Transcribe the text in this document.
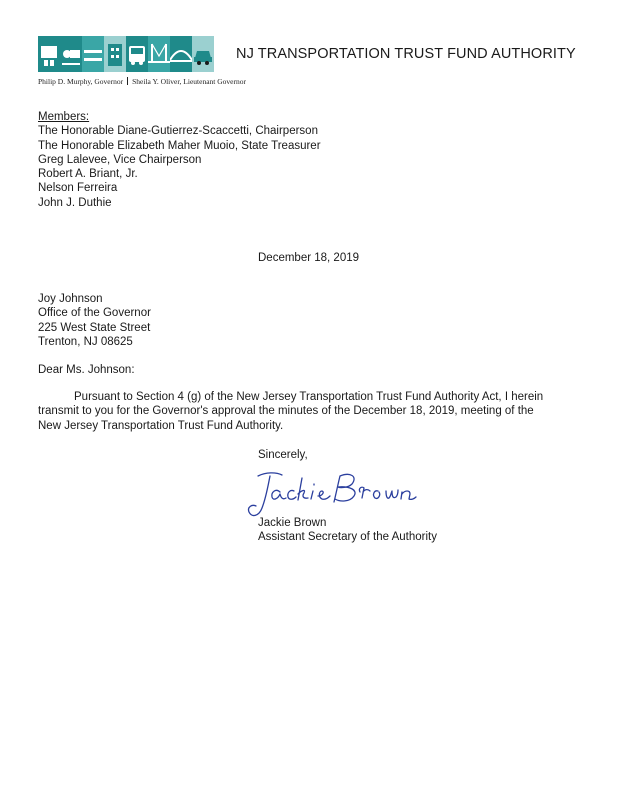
NJ TRANSPORTATION TRUST FUND AUTHORITY
Philip D. Murphy, Governor Sheila Y. Oliver, Lieutenant Governor
Members:
The Honorable Diane-Gutierrez-Scaccetti, Chairperson
The Honorable Elizabeth Maher Muoio, State Treasurer
Greg Lalevee, Vice Chairperson
Robert A. Briant, Jr.
Nelson Ferreira
John J. Duthie
December 18, 2019
Joy Johnson
Office of the Governor
225 West State Street
Trenton, NJ 08625
Dear Ms. Johnson:
Pursuant to Section 4 (g) of the New Jersey Transportation Trust Fund Authority Act, I herein
transmit to you for the Governor's approval the minutes of the December 18, 2019, meeting of the
New Jersey Transportation Trust Fund Authority.
Sincerely,
Jackie Brown
Assistant Secretary of the Authority
